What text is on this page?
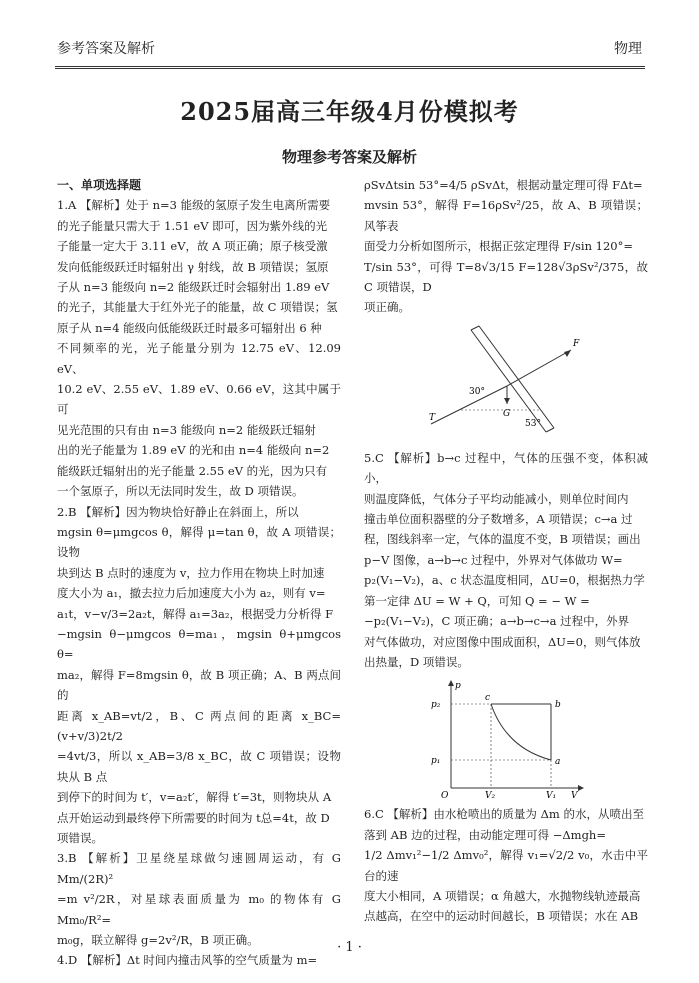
参考答案及解析	物理
2025届高三年级4月份模拟考
物理参考答案及解析

一、单项选择题

1.A 【解析】处于 n=3 能级的氢原子发生电离所需要

的光子能量只需大于 1.51 eV 即可，因为紫外线的光

子能量一定大于 3.11 eV，故 A 项正确；原子核受激

发向低能级跃迁时辐射出 γ 射线，故 B 项错误；氢原

子从 n=3 能级向 n=2 能级跃迁时会辐射出 1.89 eV

的光子，其能量大于红外光子的能量，故 C 项错误；氢

原子从 n=4 能级向低能级跃迁时最多可辐射出 6 种

不同频率的光，光子能量分别为 12.75 eV、12.09 eV、

10.2 eV、2.55 eV、1.89 eV、0.66 eV，这其中属于可

见光范围的只有由 n=3 能级向 n=2 能级跃迁辐射

出的光子能量为 1.89 eV 的光和由 n=4 能级向 n=2

能级跃迁辐射出的光子能量 2.55 eV 的光，因为只有

一个氢原子，所以无法同时发生，故 D 项错误。

2.B 【解析】因为物块恰好静止在斜面上，所以

mgsin θ=μmgcos θ，解得 μ=tan θ，故 A 项错误；设物

块到达 B 点时的速度为 v，拉力作用在物块上时加速

度大小为 a₁，撤去拉力后加速度大小为 a₂，则有 v=

a₁t，v−v/3=2a₂t，解得 a₁=3a₂，根据受力分析得 F

−mgsin θ−μmgcos θ=ma₁，mgsin θ+μmgcos θ=

ma₂，解得 F=8mgsin θ，故 B 项正确；A、B 两点间的

距离 x_AB=vt/2，B、C 两点间的距离 x_BC=(v+v/3)2t/2

=4vt/3，所以 x_AB=3/8 x_BC，故 C 项错误；设物块从 B 点

到停下的时间为 t′，v=a₂t′，解得 t′=3t，则物块从 A

点开始运动到最终停下所需要的时间为 t总=4t，故 D

项错误。

3.B 【解析】卫星绕星球做匀速圆周运动，有 G Mm/(2R)²

=m v²/2R，对星球表面质量为 m₀ 的物体有 G Mm₀/R²=

m₀g，联立解得 g=2v²/R，B 项正确。

4.D 【解析】Δt 时间内撞击风筝的空气质量为 m=

ρSvΔtsin 53°=4/5 ρSvΔt，根据动量定理可得 FΔt=

mvsin 53°，解得 F=16ρSv²/25，故 A、B 项错误；风筝表

面受力分析如图所示，根据正弦定理得 F/sin 120°=

T/sin 53°，可得 T=8√3/15 F=128√3ρSv²/375，故 C 项错误，D

项正确。

F
30°
G
T
53°

5.C 【解析】b→c 过程中，气体的压强不变，体积减小，

则温度降低，气体分子平均动能减小，则单位时间内

撞击单位面积器壁的分子数增多，A 项错误；c→a 过

程，图线斜率一定，气体的温度不变，B 项错误；画出

p−V 图像，a→b→c 过程中，外界对气体做功 W=

p₂(V₁−V₂)，a、c 状态温度相同，ΔU=0，根据热力学

第一定律 ΔU = W + Q，可知 Q = − W =

−p₂(V₁−V₂)，C 项正确；a→b→c→a 过程中，外界

对气体做功，对应图像中围成面积，ΔU=0，则气体放

出热量，D 项错误。

p
p₂
c
b
p₁	a
O	V₂	V₁ V

6.C 【解析】由水枪喷出的质量为 Δm 的水，从喷出至

落到 AB 边的过程，由动能定理可得 −Δmgh=

1/2 Δmv₁²−1/2 Δmv₀²，解得 v₁=√2/2 v₀，水击中平台的速

度大小相同，A 项错误；α 角越大，水抛物线轨迹最高

点越高，在空中的运动时间越长，B 项错误；水在 AB

· 1 ·
